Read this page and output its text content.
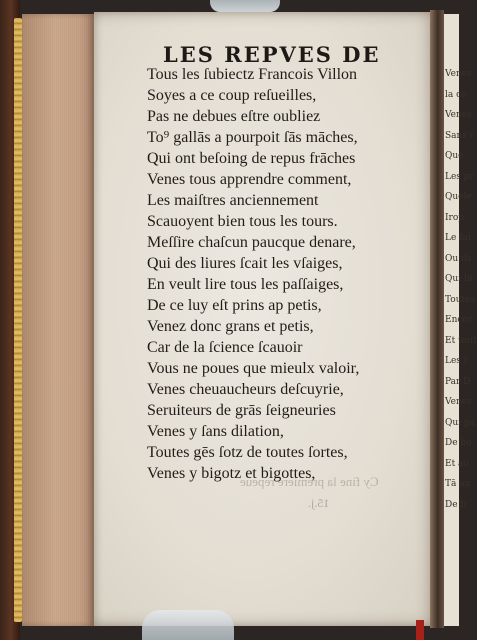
Cy fine la premiere repeue
15.j.
LES REPVES DE
Tous les ſubiectz Francois Villon
Soyes a ce coup reſueilles,
Pas ne debues eſtre oubliez
To⁹ gallās a pourpoit ſās māches,
Qui ont beſoing de repus frāches
Venes tous apprendre comment,
Les maiſtres anciennement
Scauoyent bien tous les tours.
Meſſire chaſcun paucque denare,
Qui des liures ſcait les vſaiges,
En veult lire tous les paſſaiges,
De ce luy eſt prins ap petis,
Venez donc grans et petis,
Car de la ſcience ſcauoir
Vous ne poues que mieulx valoir,
Venes cheuaucheurs deſcuyrie,
Seruiteurs de grās ſeigneuries
Venes y ſans dilation,
Toutes gēs ſotz de toutes ſortes,
Venes y bigotz et bigottes,
Venez
la co
Venes
Sans r
Que
Les pr
Quele
Irop
Le fai
Ou ils
Qui bi
Toutes
Encor
Et tout
Les f
Par D
Venes
Qui pa
De bo
Et au
Tā au
De b
